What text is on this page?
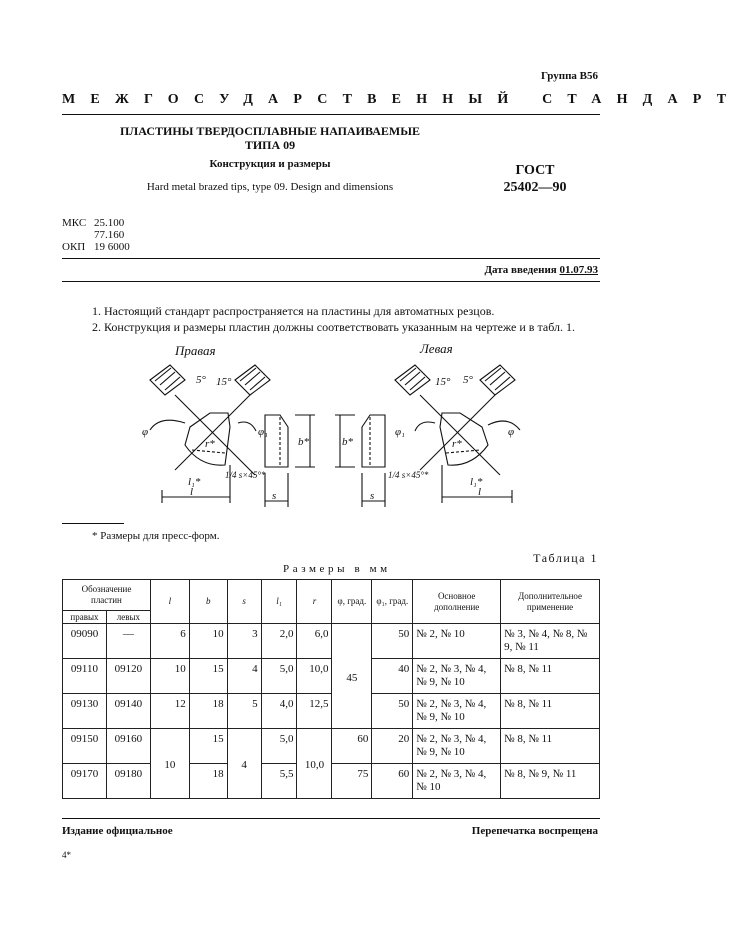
Группа В56
МЕЖГОСУДАРСТВЕННЫЙ СТАНДАРТ
ПЛАСТИНЫ ТВЕРДОСПЛАВНЫЕ НАПАИВАЕМЫЕ
ТИПА 09
Конструкция и размеры
Hard metal brazed tips, type 09. Design and dimensions
ГОСТ
25402—90
МКС 25.100
77.160
ОКП 19 6000
Дата введения 01.07.93
1. Настоящий стандарт распространяется на пластины для автоматных резцов.
2. Конструкция и размеры пластин должны соответствовать указанным на чертеже и в табл. 1.
Правая
5° 15°
r*
φ	φ₁
l₁*
l
1/4 s×45°*
b*
s
Левая
15° 5°
r*
φ₁	φ
l₁*
l
1/4 s×45°*
b*
s
* Размеры для пресс-форм.
Таблица 1
Размеры в мм
Обозначение пластин		l	b	s	l₁	r	φ, град.	φ₁, град.	Основное дополнение	Дополнительное применение
правых	левых									
09090	—	6	10	3	2,0	6,0	45	50	№ 2, № 10	№ 3, № 4, № 8, № 9, № 11
09110	09120	10	15	4	5,0	10,0		40	№ 2, № 3, № 4, № 9, № 10	№ 8, № 11
09130	09140	12	18	5	4,0	12,5		50	№ 2, № 3, № 4, № 9, № 10	№ 8, № 11
09150	09160	10	15	4	5,0	10,0	60	20	№ 2, № 3, № 4, № 9, № 10	№ 8, № 11
09170	09180		18		5,5		75	60	№ 2, № 3, № 4, № 10	№ 8, № 9, № 11
Издание официальное	Перепечатка воспрещена
4*
